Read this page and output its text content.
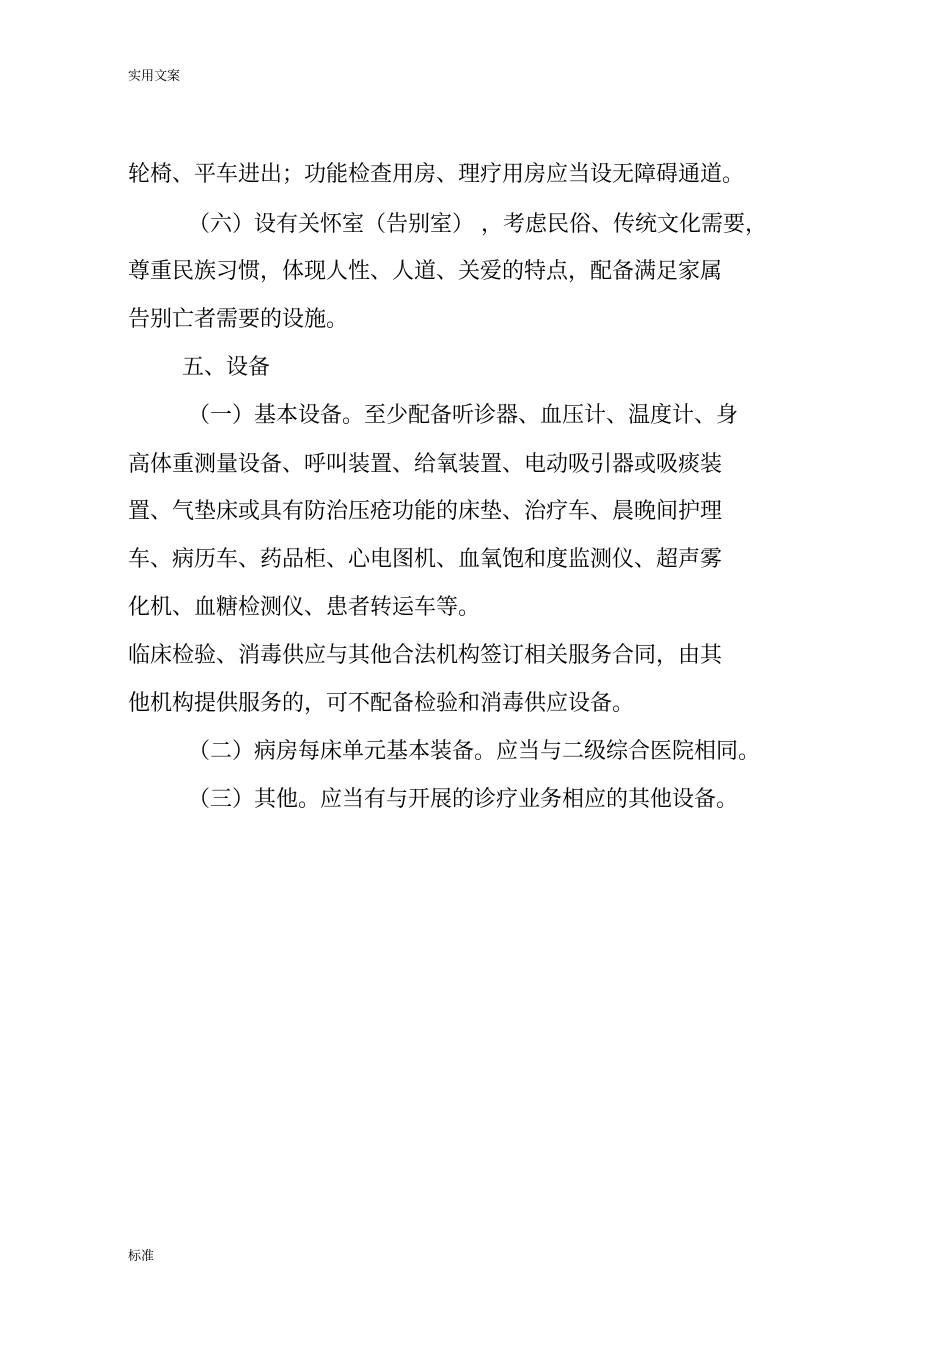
实用文案
轮椅、平车进出；功能检查用房、理疗用房应当设无障碍通道。
（六）设有关怀室（告别室） ，考虑民俗、传统文化需要，
尊重民族习惯，体现人性、人道、关爱的特点，配备满足家属
告别亡者需要的设施。
五、设备
（一）基本设备。至少配备听诊器、血压计、温度计、身
高体重测量设备、呼叫装置、给氧装置、电动吸引器或吸痰装
置、气垫床或具有防治压疮功能的床垫、治疗车、晨晚间护理
车、病历车、药品柜、心电图机、血氧饱和度监测仪、超声雾
化机、血糖检测仪、患者转运车等。
临床检验、消毒供应与其他合法机构签订相关服务合同，由其
他机构提供服务的，可不配备检验和消毒供应设备。
（二）病房每床单元基本装备。应当与二级综合医院相同。
（三）其他。应当有与开展的诊疗业务相应的其他设备。
标准
